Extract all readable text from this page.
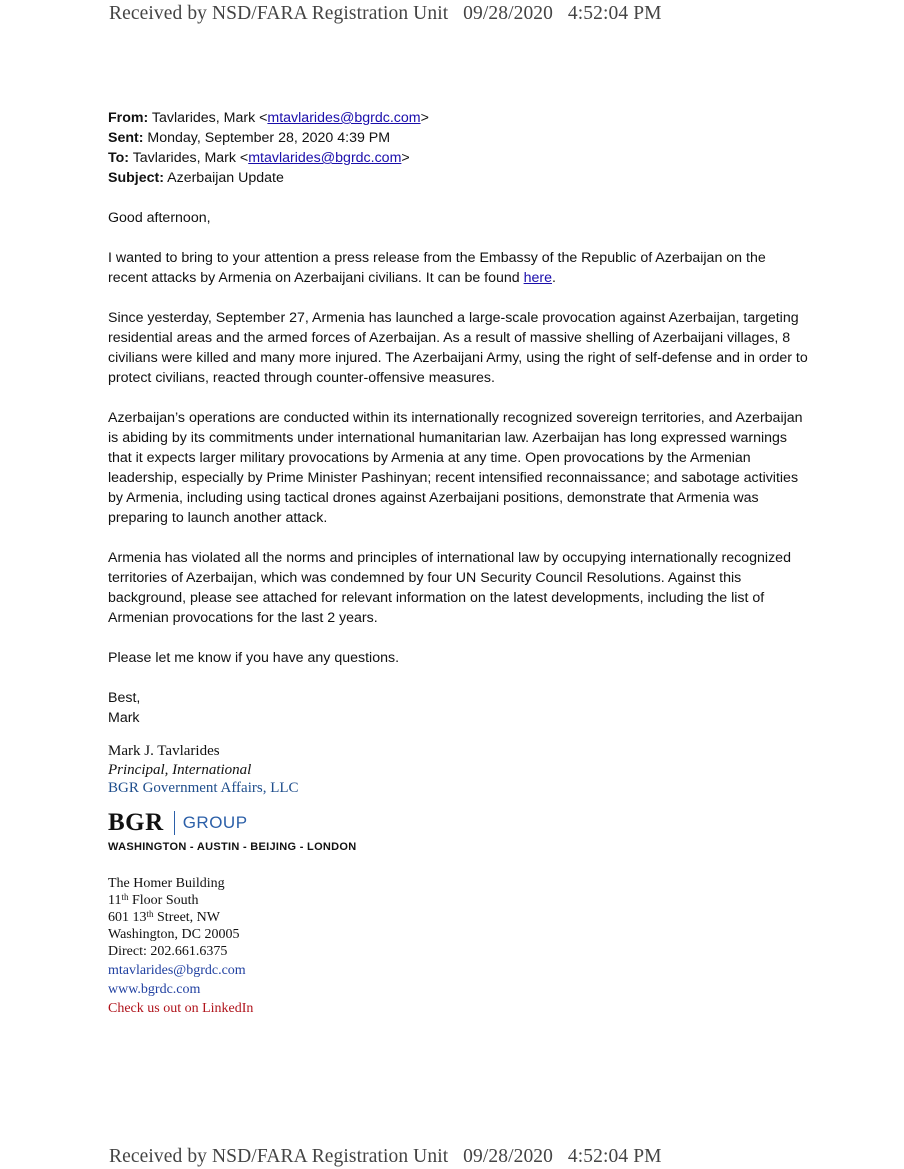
Received by NSD/FARA Registration Unit   09/28/2020   4:52:04 PM
From: Tavlarides, Mark <mtavlarides@bgrdc.com>
Sent: Monday, September 28, 2020 4:39 PM
To: Tavlarides, Mark <mtavlarides@bgrdc.com>
Subject: Azerbaijan Update

Good afternoon,

I wanted to bring to your attention a press release from the Embassy of the Republic of Azerbaijan on the recent attacks by Armenia on Azerbaijani civilians. It can be found here.

Since yesterday, September 27, Armenia has launched a large-scale provocation against Azerbaijan, targeting residential areas and the armed forces of Azerbaijan. As a result of massive shelling of Azerbaijani villages, 8 civilians were killed and many more injured. The Azerbaijani Army, using the right of self-defense and in order to protect civilians, reacted through counter-offensive measures.

Azerbaijan’s operations are conducted within its internationally recognized sovereign territories, and Azerbaijan is abiding by its commitments under international humanitarian law. Azerbaijan has long expressed warnings that it expects larger military provocations by Armenia at any time. Open provocations by the Armenian leadership, especially by Prime Minister Pashinyan; recent intensified reconnaissance; and sabotage activities by Armenia, including using tactical drones against Azerbaijani positions, demonstrate that Armenia was preparing to launch another attack.

Armenia has violated all the norms and principles of international law by occupying internationally recognized territories of Azerbaijan, which was condemned by four UN Security Council Resolutions. Against this background, please see attached for relevant information on the latest developments, including the list of Armenian provocations for the last 2 years.

Please let me know if you have any questions.

Best,

Mark

Mark J. Tavlarides
Principal, International
BGR Government Affairs, LLC
BGR GROUP
WASHINGTON - AUSTIN - BEIJING - LONDON
The Homer Building
11th Floor South
601 13th Street, NW
Washington, DC 20005
Direct: 202.661.6375
mtavlarides@bgrdc.com
www.bgrdc.com
Check us out on LinkedIn
Received by NSD/FARA Registration Unit   09/28/2020   4:52:04 PM
